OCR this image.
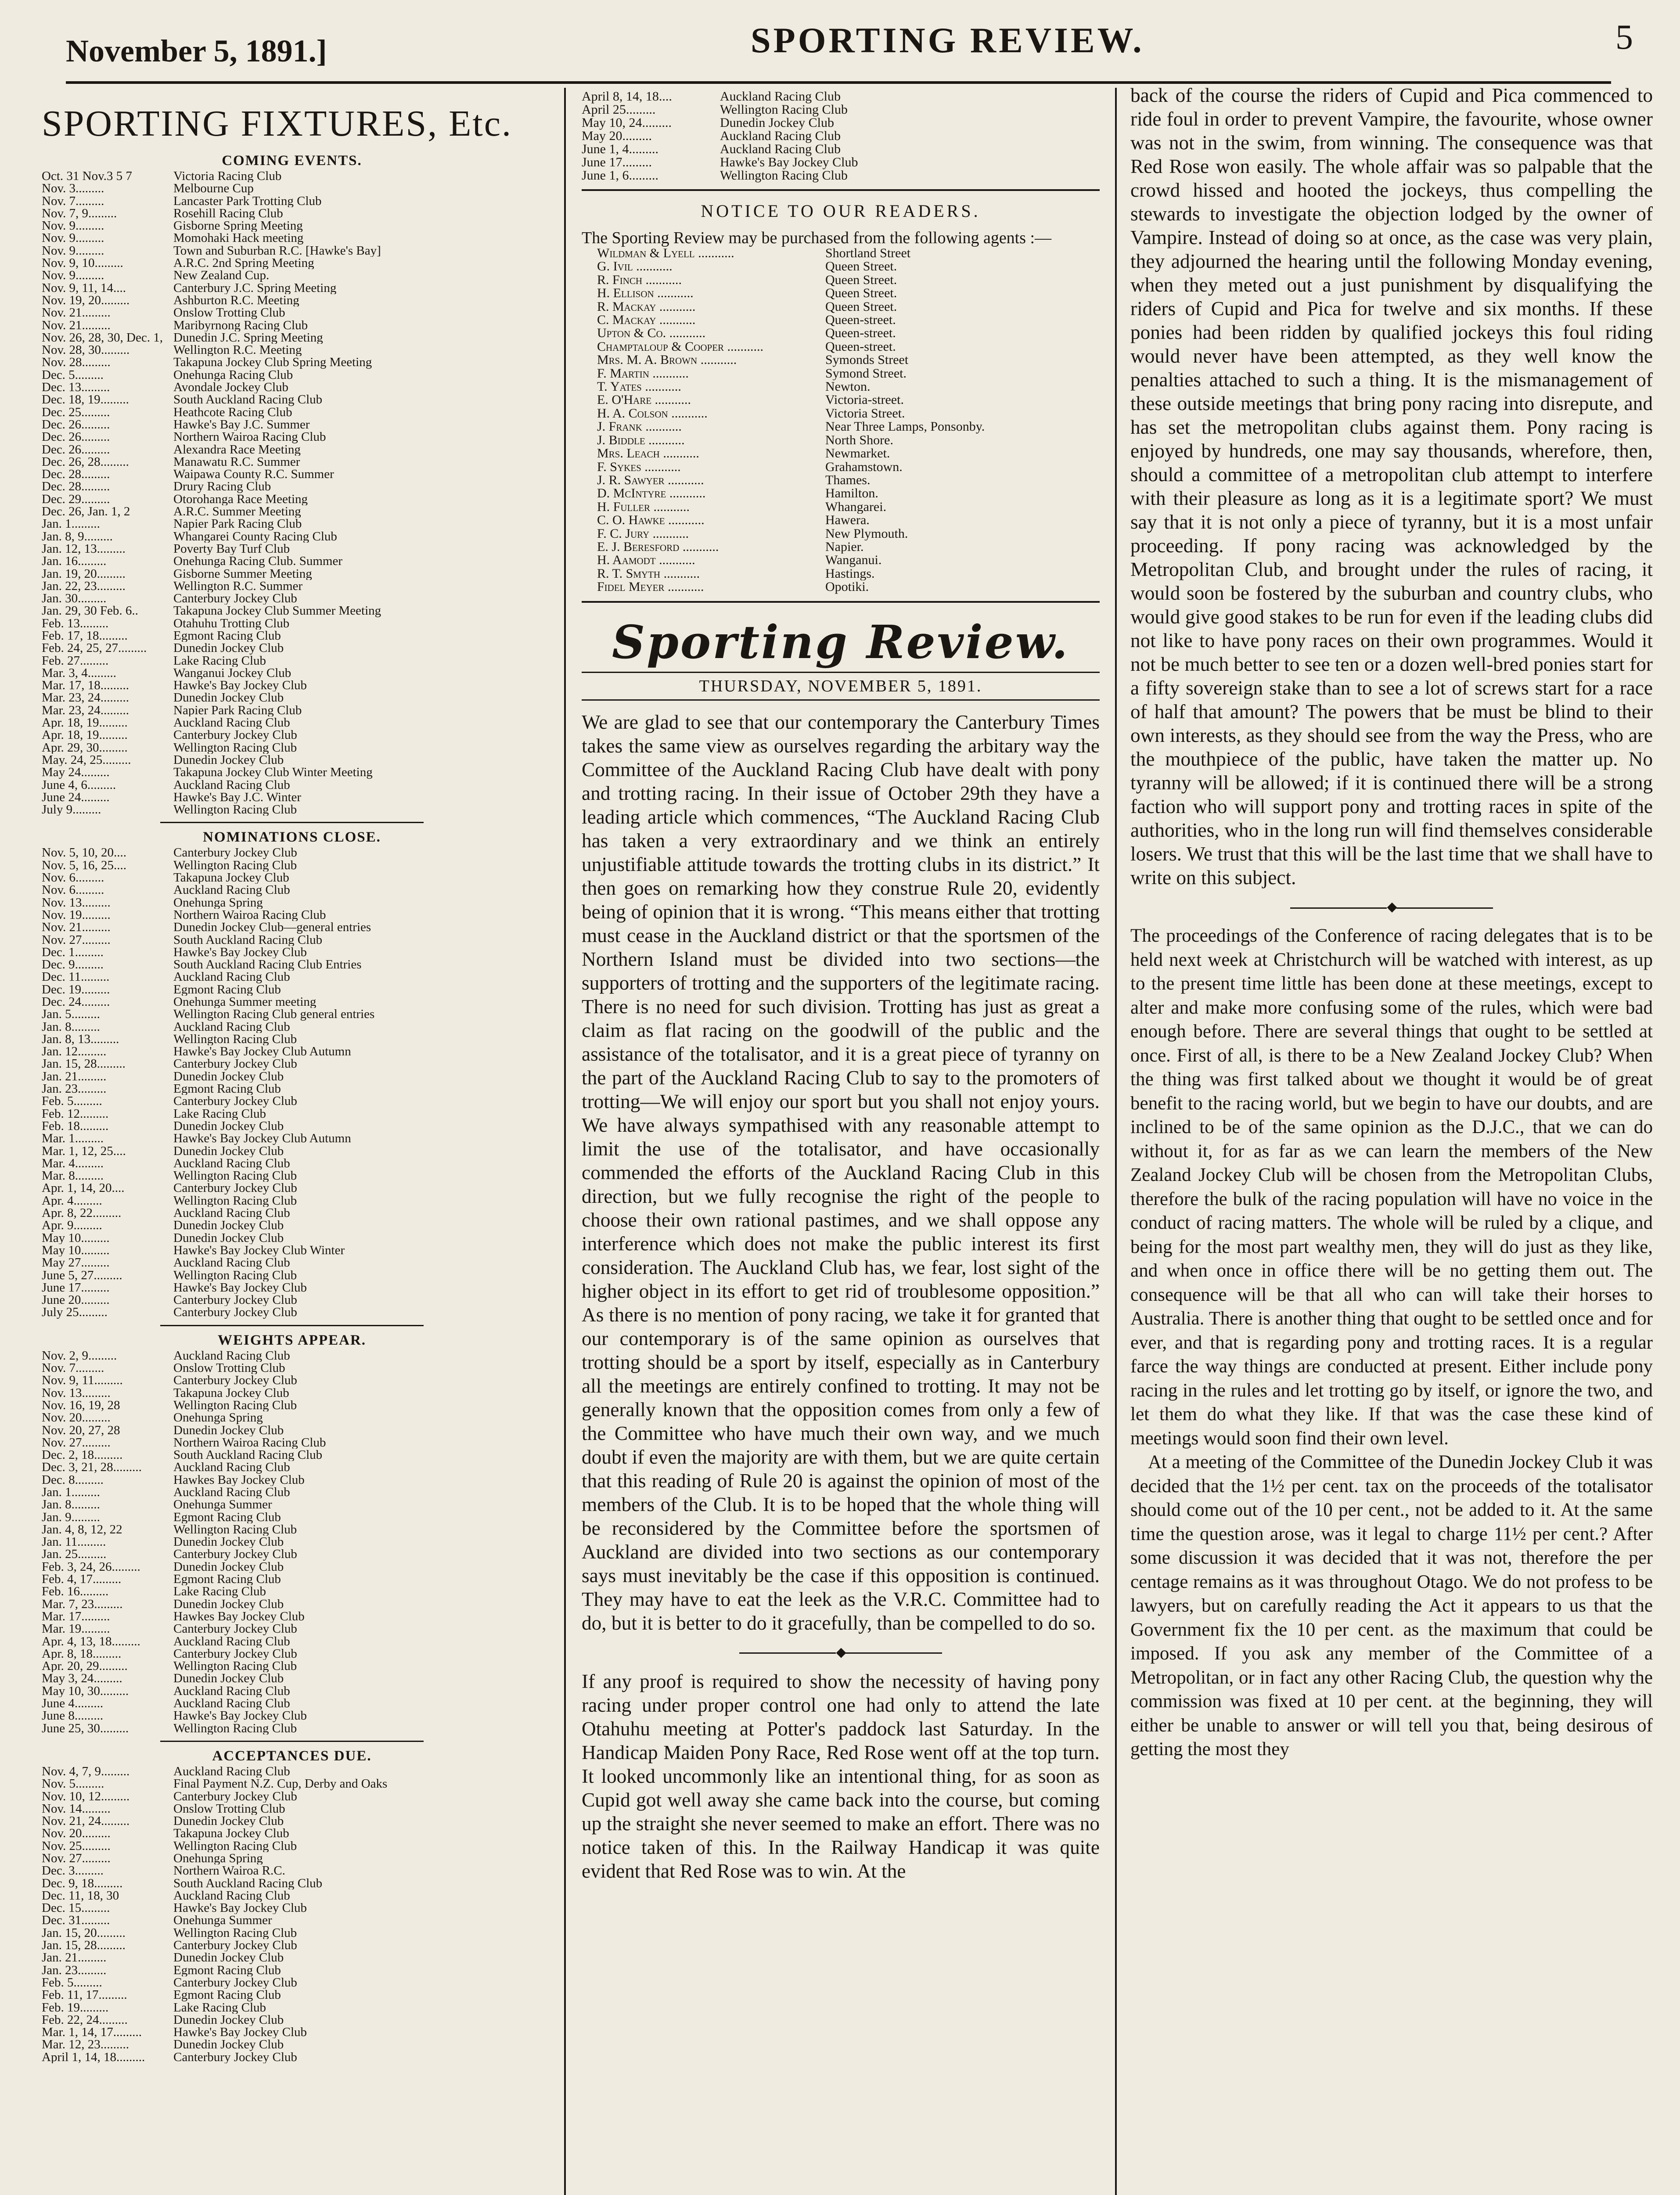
November 5, 1891.]	SPORTING REVIEW.	5
SPORTING FIXTURES, Etc.
COMING EVENTS.
Oct. 31 Nov.3 5 7	Victoria Racing Club
Nov. 3.........	Melbourne Cup
Nov. 7.........	Lancaster Park Trotting Club
Nov. 7, 9.........	Rosehill Racing Club
Nov. 9.........	Gisborne Spring Meeting
Nov. 9.........	Momohaki Hack meeting
Nov. 9.........	Town and Suburban R.C. [Hawke's Bay]
Nov. 9, 10.........	A.R.C. 2nd Spring Meeting
Nov. 9.........	New Zealand Cup.
Nov. 9, 11, 14....	Canterbury J.C. Spring Meeting
Nov. 19, 20.........	Ashburton R.C. Meeting
Nov. 21.........	Onslow Trotting Club
Nov. 21.........	Maribyrnong Racing Club
Nov. 26, 28, 30, Dec. 1, Dunedin J.C. Spring Meeting
Nov. 28, 30.........	Wellington R.C. Meeting
Nov. 28.........	Takapuna Jockey Club Spring Meeting
Dec. 5.........	Onehunga Racing Club
Dec. 13.........	Avondale Jockey Club
Dec. 18, 19.........	South Auckland Racing Club
Dec. 25.........	Heathcote Racing Club
Dec. 26.........	Hawke's Bay J.C. Summer
Dec. 26.........	Northern Wairoa Racing Club
Dec. 26.........	Alexandra Race Meeting
Dec. 26, 28.........	Manawatu R.C. Summer
Dec. 28.........	Waipawa County R.C. Summer
Dec. 28.........	Drury Racing Club
Dec. 29.........	Otorohanga Race Meeting
Dec. 26, Jan. 1, 2	A.R.C. Summer Meeting
Jan. 1.........	Napier Park Racing Club
Jan. 8, 9.........	Whangarei County Racing Club
Jan. 12, 13.........	Poverty Bay Turf Club
Jan. 16.........	Onehunga Racing Club. Summer
Jan. 19, 20.........	Gisborne Summer Meeting
Jan. 22, 23.........	Wellington R.C. Summer
Jan. 30.........	Canterbury Jockey Club
Jan. 29, 30 Feb. 6..	Takapuna Jockey Club Summer Meeting
Feb. 13.........	Otahuhu Trotting Club
Feb. 17, 18.........	Egmont Racing Club
Feb. 24, 25, 27.........	Dunedin Jockey Club
Feb. 27.........	Lake Racing Club
Mar. 3, 4.........	Wanganui Jockey Club
Mar. 17, 18.........	Hawke's Bay Jockey Club
Mar. 23, 24.........	Dunedin Jockey Club
Mar. 23, 24.........	Napier Park Racing Club
Apr. 18, 19.........	Auckland Racing Club
Apr. 18, 19.........	Canterbury Jockey Club
Apr. 29, 30.........	Wellington Racing Club
May. 24, 25.........	Dunedin Jockey Club
May 24.........	Takapuna Jockey Club Winter Meeting
June 4, 6.........	Auckland Racing Club
June 24.........	Hawke's Bay J.C. Winter
July 9.........	Wellington Racing Club
NOMINATIONS CLOSE.
Nov. 5, 10, 20....	Canterbury Jockey Club
Nov. 5, 16, 25....	Wellington Racing Club
Nov. 6.........	Takapuna Jockey Club
Nov. 6.........	Auckland Racing Club
Nov. 13.........	Onehunga Spring
Nov. 19.........	Northern Wairoa Racing Club
Nov. 21.........	Dunedin Jockey Club—general entries
Nov. 27.........	South Auckland Racing Club
Dec. 1.........	Hawke's Bay Jockey Club
Dec. 9.........	South Auckland Racing Club Entries
Dec. 11.........	Auckland Racing Club
Dec. 19.........	Egmont Racing Club
Dec. 24.........	Onehunga Summer meeting
Jan. 5.........	Wellington Racing Club general entries
Jan. 8.........	Auckland Racing Club
Jan. 8, 13.........	Wellington Racing Club
Jan. 12.........	Hawke's Bay Jockey Club Autumn
Jan. 15, 28.........	Canterbury Jockey Club
Jan. 21.........	Dunedin Jockey Club
Jan. 23.........	Egmont Racing Club
Feb. 5.........	Canterbury Jockey Club
Feb. 12.........	Lake Racing Club
Feb. 18.........	Dunedin Jockey Club
Mar. 1.........	Hawke's Bay Jockey Club Autumn
Mar. 1, 12, 25....	Dunedin Jockey Club
Mar. 4.........	Auckland Racing Club
Mar. 8.........	Wellington Racing Club
Apr. 1, 14, 20....	Canterbury Jockey Club
Apr. 4.........	Wellington Racing Club
Apr. 8, 22.........	Auckland Racing Club
Apr. 9.........	Dunedin Jockey Club
May 10.........	Dunedin Jockey Club
May 10.........	Hawke's Bay Jockey Club Winter
May 27.........	Auckland Racing Club
June 5, 27.........	Wellington Racing Club
June 17.........	Hawke's Bay Jockey Club
June 20.........	Canterbury Jockey Club
July 25.........	Canterbury Jockey Club
WEIGHTS APPEAR.
Nov. 2, 9.........	Auckland Racing Club
Nov. 7.........	Onslow Trotting Club
Nov. 9, 11.........	Canterbury Jockey Club
Nov. 13.........	Takapuna Jockey Club
Nov. 16, 19, 28	Wellington Racing Club
Nov. 20.........	Onehunga Spring
Nov. 20, 27, 28	Dunedin Jockey Club
Nov. 27.........	Northern Wairoa Racing Club
Dec. 2, 18.........	South Auckland Racing Club
Dec. 3, 21, 28.........	Auckland Racing Club
Dec. 8.........	Hawkes Bay Jockey Club
Jan. 1.........	Auckland Racing Club
Jan. 8.........	Onehunga Summer
Jan. 9.........	Egmont Racing Club
Jan. 4, 8, 12, 22	Wellington Racing Club
Jan. 11.........	Dunedin Jockey Club
Jan. 25.........	Canterbury Jockey Club
Feb. 3, 24, 26.........	Dunedin Jockey Club
Feb. 4, 17.........	Egmont Racing Club
Feb. 16.........	Lake Racing Club
Mar. 7, 23.........	Dunedin Jockey Club
Mar. 17.........	Hawkes Bay Jockey Club
Mar. 19.........	Canterbury Jockey Club
Apr. 4, 13, 18.........	Auckland Racing Club
Apr. 8, 18.........	Canterbury Jockey Club
Apr. 20, 29.........	Wellington Racing Club
May 3, 24.........	Dunedin Jockey Club
May 10, 30.........	Auckland Racing Club
June 4.........	Auckland Racing Club
June 8.........	Hawke's Bay Jockey Club
June 25, 30.........	Wellington Racing Club
ACCEPTANCES DUE.
Nov. 4, 7, 9.........	Auckland Racing Club
Nov. 5.........	Final Payment N.Z. Cup, Derby and Oaks
Nov. 10, 12.........	Canterbury Jockey Club
Nov. 14.........	Onslow Trotting Club
Nov. 21, 24.........	Dunedin Jockey Club
Nov. 20.........	Takapuna Jockey Club
Nov. 25.........	Wellington Racing Club
Nov. 27.........	Onehunga Spring
Dec. 3.........	Northern Wairoa R.C.
Dec. 9, 18.........	South Auckland Racing Club
Dec. 11, 18, 30	Auckland Racing Club
Dec. 15.........	Hawke's Bay Jockey Club
Dec. 31.........	Onehunga Summer
Jan. 15, 20.........	Wellington Racing Club
Jan. 15, 28.........	Canterbury Jockey Club
Jan. 21.........	Dunedin Jockey Club
Jan. 23.........	Egmont Racing Club
Feb. 5.........	Canterbury Jockey Club
Feb. 11, 17.........	Egmont Racing Club
Feb. 19.........	Lake Racing Club
Feb. 22, 24.........	Dunedin Jockey Club
Mar. 1, 14, 17.........	Hawke's Bay Jockey Club
Mar. 12, 23.........	Dunedin Jockey Club
April 1, 14, 18.........	Canterbury Jockey Club
April 8, 14, 18....	Auckland Racing Club
April 25.........	Wellington Racing Club
May 10, 24.........	Dunedin Jockey Club
May 20.........	Auckland Racing Club
June 1, 4.........	Auckland Racing Club
June 17.........	Hawke's Bay Jockey Club
June 1, 6.........	Wellington Racing Club
NOTICE TO OUR READERS.
The Sporting Review may be purchased from the following agents :—
Wildman & Lyell ...........	Shortland Street
G. Ivil ...........	Queen Street.
R. Finch ...........	Queen Street.
H. Ellison ...........	Queen Street.
R. Mackay ...........	Queen Street.
C. Mackay ...........	Queen-street.
Upton & Co. ...........	Queen-street.
Champtaloup & Cooper ...........	Queen-street.
Mrs. M. A. Brown ...........	Symonds Street
F. Martin ...........	Symond Street.
T. Yates ...........	Newton.
E. O'Hare ...........	Victoria-street.
H. A. Colson ...........	Victoria Street.
J. Frank ...........	Near Three Lamps, Ponsonby.
J. Biddle ...........	North Shore.
Mrs. Leach ...........	Newmarket.
F. Sykes ...........	Grahamstown.
J. R. Sawyer ...........	Thames.
D. McIntyre ...........	Hamilton.
H. Fuller ...........	Whangarei.
C. O. Hawke ...........	Hawera.
F. C. Jury ...........	New Plymouth.
E. J. Beresford ...........	Napier.
H. Aamodt ...........	Wanganui.
R. T. Smyth ...........	Hastings.
Fidel Meyer ...........	Opotiki.
Sporting Review.
THURSDAY, NOVEMBER 5, 1891.

We are glad to see that our contemporary the Canterbury Times takes the same view as ourselves regarding the arbitary way the Committee of the Auckland Racing Club have dealt with pony and trotting racing. In their issue of October 29th they have a leading article which commences, “The Auckland Racing Club has taken a very extraordinary and we think an entirely unjustifiable attitude towards the trotting clubs in its district.” It then goes on remarking how they construe Rule 20, evidently being of opinion that it is wrong. “This means either that trotting must cease in the Auckland district or that the sportsmen of the Northern Island must be divided into two sections—the supporters of trotting and the supporters of the legitimate racing. There is no need for such division. Trotting has just as great a claim as flat racing on the goodwill of the public and the assistance of the totalisator, and it is a great piece of tyranny on the part of the Auckland Racing Club to say to the promoters of trotting—We will enjoy our sport but you shall not enjoy yours. We have always sympathised with any reasonable attempt to limit the use of the totalisator, and have occasionally commended the efforts of the Auckland Racing Club in this direction, but we fully recognise the right of the people to choose their own rational pastimes, and we shall oppose any interference which does not make the public interest its first consideration. The Auckland Club has, we fear, lost sight of the higher object in its effort to get rid of troublesome opposition.” As there is no mention of pony racing, we take it for granted that our contemporary is of the same opinion as ourselves that trotting should be a sport by itself, especially as in Canterbury all the meetings are entirely confined to trotting. It may not be generally known that the opposition comes from only a few of the Committee who have much their own way, and we much doubt if even the majority are with them, but we are quite certain that this reading of Rule 20 is against the opinion of most of the members of the Club. It is to be hoped that the whole thing will be reconsidered by the Committee before the sportsmen of Auckland are divided into two sections as our contemporary says must inevitably be the case if this opposition is continued. They may have to eat the leek as the V.R.C. Committee had to do, but it is better to do it gracefully, than be compelled to do so.

◆

If any proof is required to show the necessity of having pony racing under proper control one had only to attend the late Otahuhu meeting at Potter's paddock last Saturday. In the Handicap Maiden Pony Race, Red Rose went off at the top turn. It looked uncommonly like an intentional thing, for as soon as Cupid got well away she came back into the course, but coming up the straight she never seemed to make an effort. There was no notice taken of this. In the Railway Handicap it was quite evident that Red Rose was to win. At the

back of the course the riders of Cupid and Pica commenced to ride foul in order to prevent Vampire, the favourite, whose owner was not in the swim, from winning. The consequence was that Red Rose won easily. The whole affair was so palpable that the crowd hissed and hooted the jockeys, thus compelling the stewards to investigate the objection lodged by the owner of Vampire. Instead of doing so at once, as the case was very plain, they adjourned the hearing until the following Monday evening, when they meted out a just punishment by disqualifying the riders of Cupid and Pica for twelve and six months. If these ponies had been ridden by qualified jockeys this foul riding would never have been attempted, as they well know the penalties attached to such a thing. It is the mismanagement of these outside meetings that bring pony racing into disrepute, and has set the metropolitan clubs against them. Pony racing is enjoyed by hundreds, one may say thousands, wherefore, then, should a committee of a metropolitan club attempt to interfere with their pleasure as long as it is a legitimate sport? We must say that it is not only a piece of tyranny, but it is a most unfair proceeding. If pony racing was acknowledged by the Metropolitan Club, and brought under the rules of racing, it would soon be fostered by the suburban and country clubs, who would give good stakes to be run for even if the leading clubs did not like to have pony races on their own programmes. Would it not be much better to see ten or a dozen well-bred ponies start for a fifty sovereign stake than to see a lot of screws start for a race of half that amount? The powers that be must be blind to their own interests, as they should see from the way the Press, who are the mouthpiece of the public, have taken the matter up. No tyranny will be allowed; if it is continued there will be a strong faction who will support pony and trotting races in spite of the authorities, who in the long run will find themselves considerable losers. We trust that this will be the last time that we shall have to write on this subject.

◆

The proceedings of the Conference of racing delegates that is to be held next week at Christchurch will be watched with interest, as up to the present time little has been done at these meetings, except to alter and make more confusing some of the rules, which were bad enough before. There are several things that ought to be settled at once. First of all, is there to be a New Zealand Jockey Club? When the thing was first talked about we thought it would be of great benefit to the racing world, but we begin to have our doubts, and are inclined to be of the same opinion as the D.J.C., that we can do without it, for as far as we can learn the members of the New Zealand Jockey Club will be chosen from the Metropolitan Clubs, therefore the bulk of the racing population will have no voice in the conduct of racing matters. The whole will be ruled by a clique, and being for the most part wealthy men, they will do just as they like, and when once in office there will be no getting them out. The consequence will be that all who can will take their horses to Australia. There is another thing that ought to be settled once and for ever, and that is regarding pony and trotting races. It is a regular farce the way things are conducted at present. Either include pony racing in the rules and let trotting go by itself, or ignore the two, and let them do what they like. If that was the case these kind of meetings would soon find their own level.

At a meeting of the Committee of the Dunedin Jockey Club it was decided that the 1½ per cent. tax on the proceeds of the totalisator should come out of the 10 per cent., not be added to it. At the same time the question arose, was it legal to charge 11½ per cent.? After some discussion it was decided that it was not, therefore the per centage remains as it was throughout Otago. We do not profess to be lawyers, but on carefully reading the Act it appears to us that the Government fix the 10 per cent. as the maximum that could be imposed. If you ask any member of the Committee of a Metropolitan, or in fact any other Racing Club, the question why the commission was fixed at 10 per cent. at the beginning, they will either be unable to answer or will tell you that, being desirous of getting the most they
